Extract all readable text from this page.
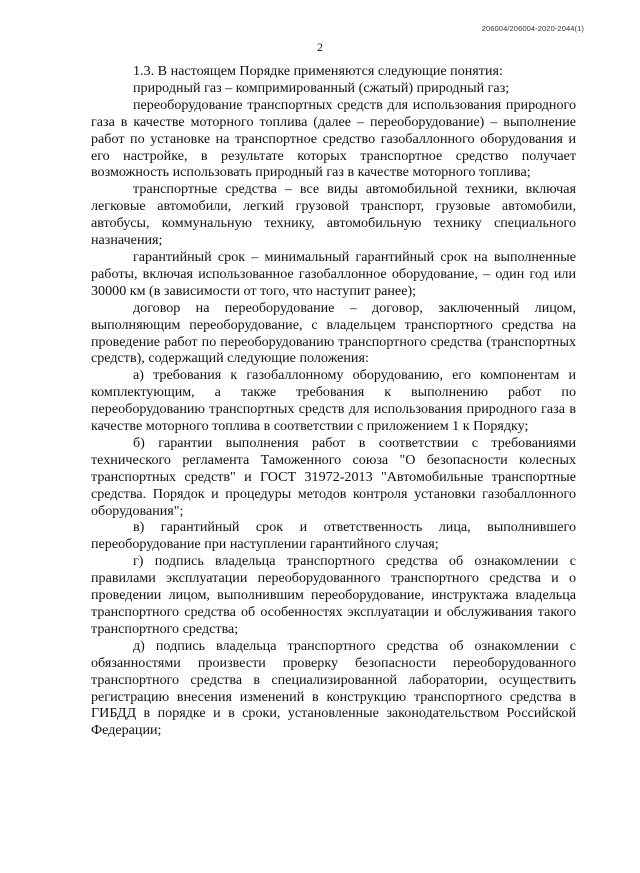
206004/206004-2020-2044(1)
2

1.3. В настоящем Порядке применяются следующие понятия:

природный газ – компримированный (сжатый) природный газ;

переоборудование транспортных средств для использования природного газа в качестве моторного топлива (далее – переоборудование) – выполнение работ по установке на транспортное средство газобаллонного оборудования и его настройке, в результате которых транспортное средство получает возможность использовать природный газ в качестве моторного топлива;

транспортные средства – все виды автомобильной техники, включая легковые автомобили, легкий грузовой транспорт, грузовые автомобили, автобусы, коммунальную технику, автомобильную технику специального назначения;

гарантийный срок – минимальный гарантийный срок на выполненные работы, включая использованное газобаллонное оборудование, – один год или 30000 км (в зависимости от того, что наступит ранее);

договор на переоборудование – договор, заключенный лицом, выполняющим переоборудование, с владельцем транспортного средства на проведение работ по переоборудованию транспортного средства (транспортных средств), содержащий следующие положения:

а) требования к газобаллонному оборудованию, его компонентам и комплектующим, а также требования к выполнению работ по переоборудованию транспортных средств для использования природного газа в качестве моторного топлива в соответствии с приложением 1 к Порядку;

б) гарантии выполнения работ в соответствии с требованиями технического регламента Таможенного союза "О безопасности колесных транспортных средств" и ГОСТ 31972-2013 "Автомобильные транспортные средства. Порядок и процедуры методов контроля установки газобаллонного оборудования";

в) гарантийный срок и ответственность лица, выполнившего переоборудование при наступлении гарантийного случая;

г) подпись владельца транспортного средства об ознакомлении с правилами эксплуатации переоборудованного транспортного средства и о проведении лицом, выполнившим переоборудование, инструктажа владельца транспортного средства об особенностях эксплуатации и обслуживания такого транспортного средства;

д) подпись владельца транспортного средства об ознакомлении с обязанностями произвести проверку безопасности переоборудованного транспортного средства в специализированной лаборатории, осуществить регистрацию внесения изменений в конструкцию транспортного средства в ГИБДД в порядке и в сроки, установленные законодательством Российской Федерации;
